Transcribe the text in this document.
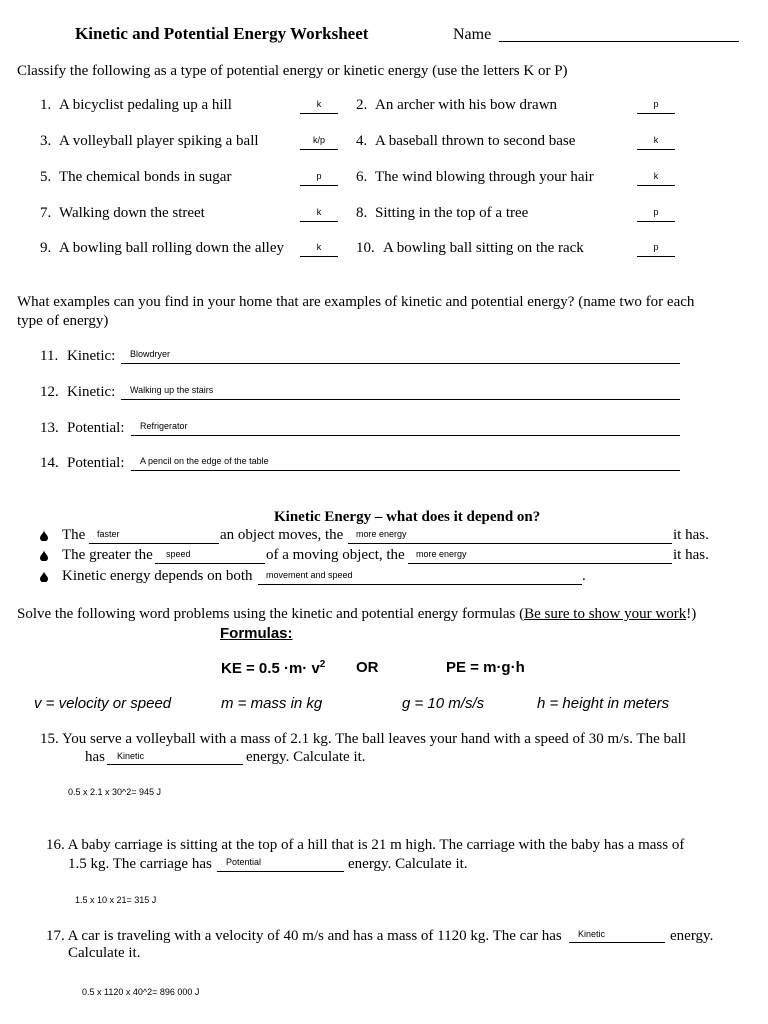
Kinetic and Potential Energy Worksheet	Name
Classify the following as a type of potential energy or kinetic energy (use the letters K or P)
1. A bicyclist pedaling up a hill	k	2. An archer with his bow drawn	p
3. A volleyball player spiking a ball	k/p	4. A baseball thrown to second base	k
5. The chemical bonds in sugar	p	6. The wind blowing through your hair	k
7. Walking down the street	k	8. Sitting in the top of a tree	p
9. A bowling ball rolling down the alley	k	10. A bowling ball sitting on the rack	p
What examples can you find in your home that are examples of kinetic and potential energy? (name two for each
type of energy)
11. Kinetic: Blowdryer
12. Kinetic: Walking up the stairs
13. Potential: Refrigerator
14. Potential: A pencil on the edge of the table
Kinetic Energy – what does it depend on?
The faster	an object moves, the more energy	it has.
The greater the speed	of a moving object, the more energy	it has.
Kinetic energy depends on both movement and speed	.
Solve the following word problems using the kinetic and potential energy formulas (Be sure to show your work!)
Formulas:
KE = $0.5 \cdot m\cdot v^2$ OR	PE = m·g·h
v = velocity or speed	m = mass in kg	g = 10 m/s/s	h = height in meters
15. You serve a volleyball with a mass of 2.1 kg. The ball leaves your hand with a speed of 30 m/s. The ball
has Kinetic	energy. Calculate it.
0.5 x 2.1 x 30^2= 945 J
16. A baby carriage is sitting at the top of a hill that is 21 m high. The carriage with the baby has a mass of
1.5 kg. The carriage has Potential	energy. Calculate it.
1.5 x 10 x 21= 315 J
17. A car is traveling with a velocity of 40 m/s and has a mass of 1120 kg. The car has Kinetic	energy.
Calculate it.
0.5 x 1120 x 40^2= 896 000 J
